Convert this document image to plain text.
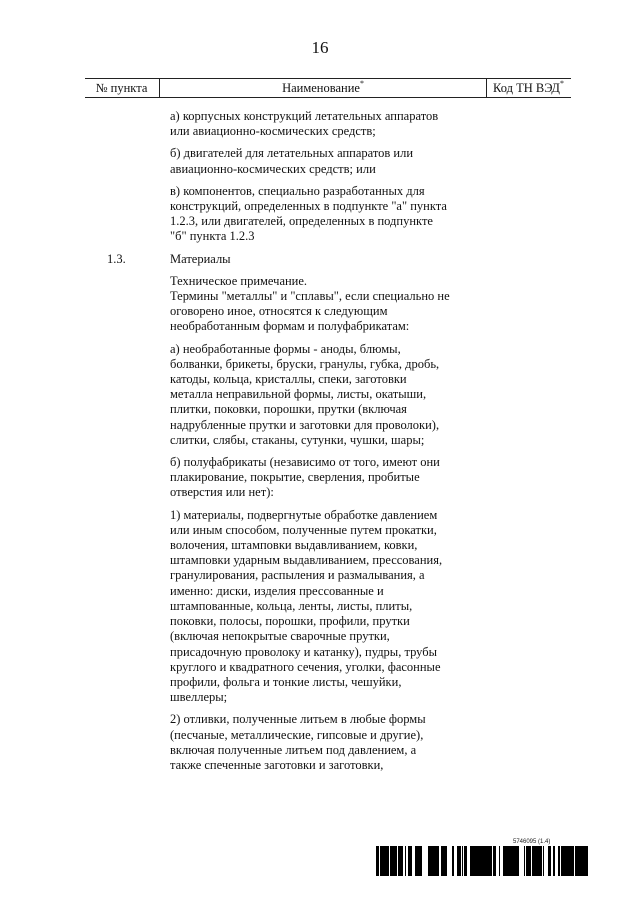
16
№ пункта	Наименование*	Код ТН ВЭД*

а) корпусных конструкций летательных аппаратов или авиационно-космических средств;

б) двигателей для летательных аппаратов или авиационно-космических средств; или

в) компонентов, специально разработанных для конструкций, определенных в подпункте "а" пункта 1.2.3, или двигателей, определенных в подпункте "б" пункта 1.2.3

1.3.	Материалы

Техническое примечание.

Термины "металлы" и "сплавы", если специально не оговорено иное, относятся к следующим необработанным формам и полуфабрикатам:

а) необработанные формы - аноды, блюмы, болванки, брикеты, бруски, гранулы, губка, дробь, катоды, кольца, кристаллы, спеки, заготовки металла неправильной формы, листы, окатыши, плитки, поковки, порошки, прутки (включая надрубленные прутки и заготовки для проволоки), слитки, слябы, стаканы, сутунки, чушки, шары;

б) полуфабрикаты (независимо от того, имеют они плакирование, покрытие, сверления, пробитые отверстия или нет):

1) материалы, подвергнутые обработке давлением или иным способом, полученные путем прокатки, волочения, штамповки выдавливанием, ковки, штамповки ударным выдавливанием, прессования, гранулирования, распыления и размалывания, а именно: диски, изделия прессованные и штампованные, кольца, ленты, листы, плиты, поковки, полосы, порошки, профили, прутки (включая непокрытые сварочные прутки, присадочную проволоку и катанку), пудры, трубы круглого и квадратного сечения, уголки, фасонные профили, фольга и тонкие листы, чешуйки, швеллеры;

2) отливки, полученные литьем в любые формы (песчаные, металлические, гипсовые и другие), включая полученные литьем под давлением, а также спеченные заготовки и заготовки,

5746095 (1.4)
